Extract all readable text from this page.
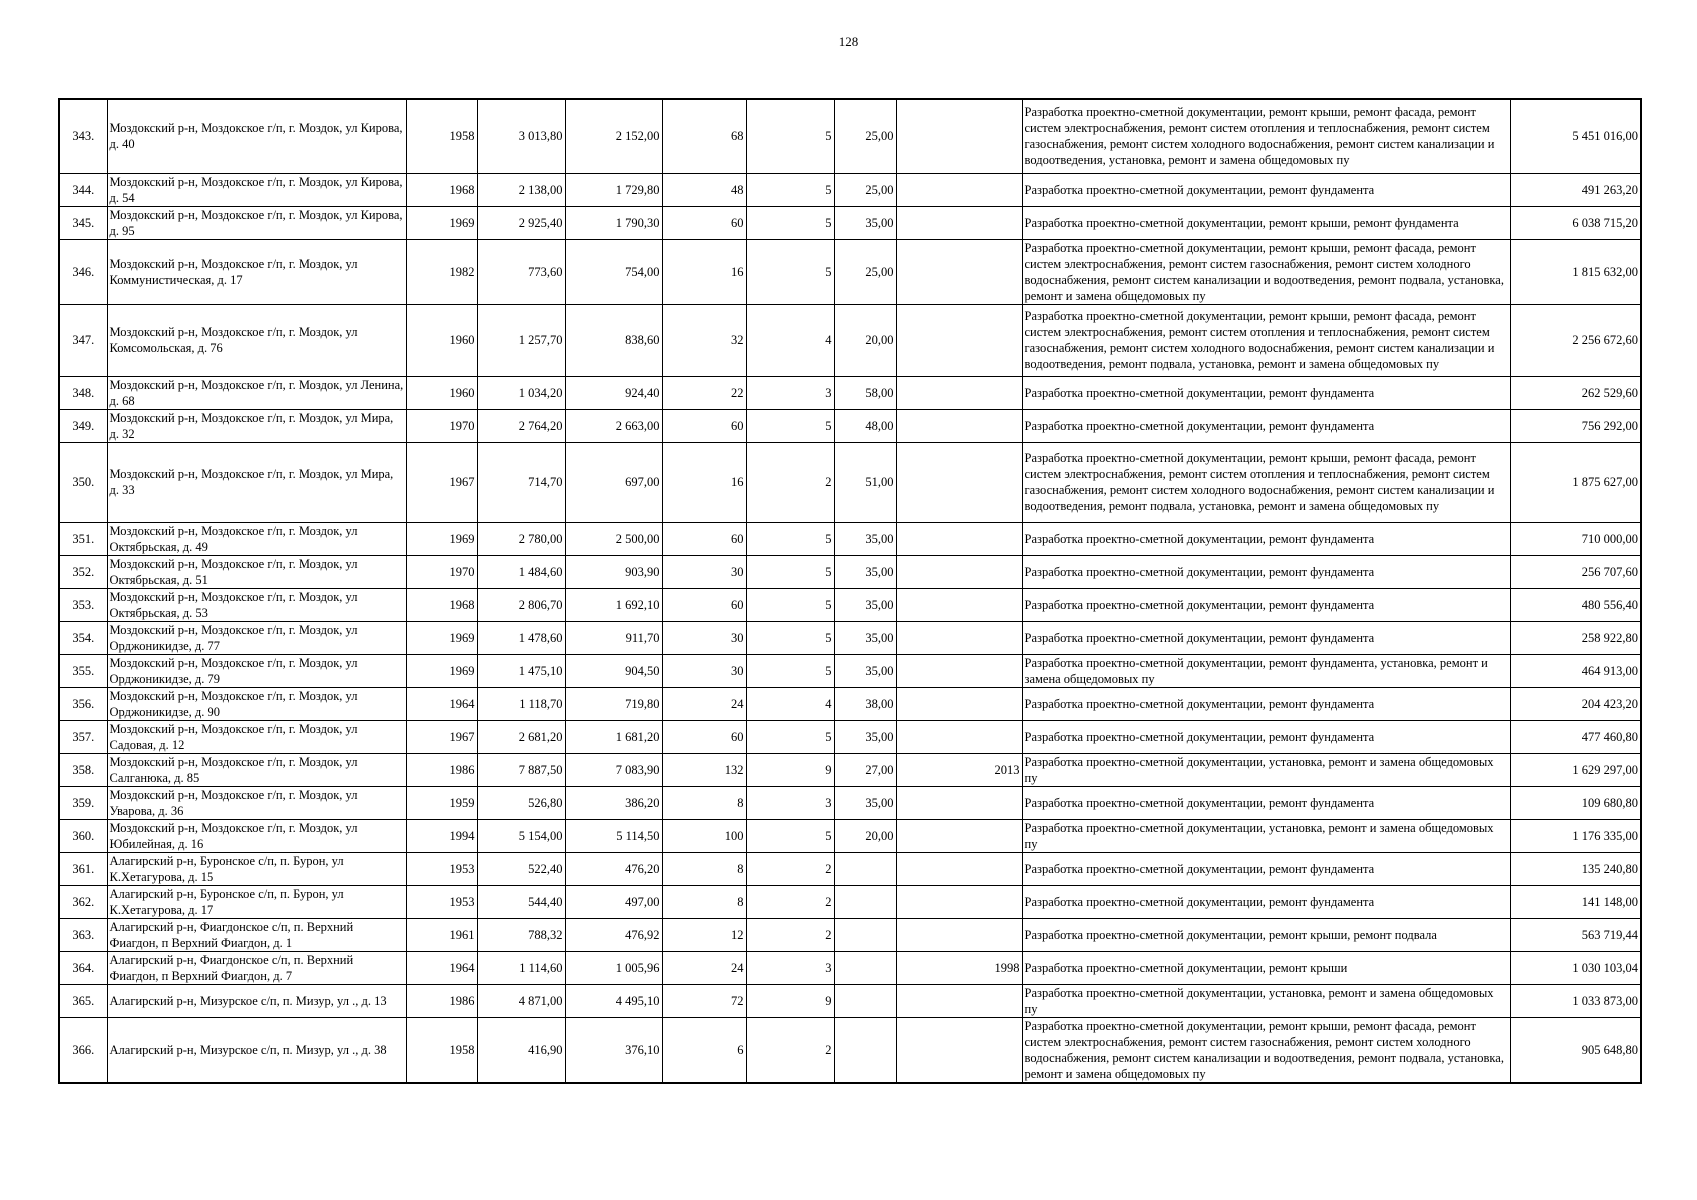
128
343.	Моздокский р-н, Моздокское г/п, г. Моздок, ул Кирова, д. 40	1958	3 013,80	2 152,00	68	5	25,00		Разработка проектно-сметной документации, ремонт крыши, ремонт фасада, ремонт систем электроснабжения, ремонт систем отопления и теплоснабжения, ремонт систем газоснабжения, ремонт систем холодного водоснабжения, ремонт систем канализации и водоотведения, установка, ремонт и замена общедомовых пу	5 451 016,00
344.	Моздокский р-н, Моздокское г/п, г. Моздок, ул Кирова, д. 54	1968	2 138,00	1 729,80	48	5	25,00		Разработка проектно-сметной документации, ремонт фундамента	491 263,20
345.	Моздокский р-н, Моздокское г/п, г. Моздок, ул Кирова, д. 95	1969	2 925,40	1 790,30	60	5	35,00		Разработка проектно-сметной документации, ремонт крыши, ремонт фундамента	6 038 715,20
346.	Моздокский р-н, Моздокское г/п, г. Моздок, ул Коммунистическая, д. 17	1982	773,60	754,00	16	5	25,00		Разработка проектно-сметной документации, ремонт крыши, ремонт фасада, ремонт систем электроснабжения, ремонт систем газоснабжения, ремонт систем холодного водоснабжения, ремонт систем канализации и водоотведения, ремонт подвала, установка, ремонт и замена общедомовых пу	1 815 632,00
347.	Моздокский р-н, Моздокское г/п, г. Моздок, ул Комсомольская, д. 76	1960	1 257,70	838,60	32	4	20,00		Разработка проектно-сметной документации, ремонт крыши, ремонт фасада, ремонт систем электроснабжения, ремонт систем отопления и теплоснабжения, ремонт систем газоснабжения, ремонт систем холодного водоснабжения, ремонт систем канализации и водоотведения, ремонт подвала, установка, ремонт и замена общедомовых пу	2 256 672,60
348.	Моздокский р-н, Моздокское г/п, г. Моздок, ул Ленина, д. 68	1960	1 034,20	924,40	22	3	58,00		Разработка проектно-сметной документации, ремонт фундамента	262 529,60
349.	Моздокский р-н, Моздокское г/п, г. Моздок, ул Мира, д. 32	1970	2 764,20	2 663,00	60	5	48,00		Разработка проектно-сметной документации, ремонт фундамента	756 292,00
350.	Моздокский р-н, Моздокское г/п, г. Моздок, ул Мира, д. 33	1967	714,70	697,00	16	2	51,00		Разработка проектно-сметной документации, ремонт крыши, ремонт фасада, ремонт систем электроснабжения, ремонт систем отопления и теплоснабжения, ремонт систем газоснабжения, ремонт систем холодного водоснабжения, ремонт систем канализации и водоотведения, ремонт подвала, установка, ремонт и замена общедомовых пу	1 875 627,00
351.	Моздокский р-н, Моздокское г/п, г. Моздок, ул Октябрьская, д. 49	1969	2 780,00	2 500,00	60	5	35,00		Разработка проектно-сметной документации, ремонт фундамента	710 000,00
352.	Моздокский р-н, Моздокское г/п, г. Моздок, ул Октябрьская, д. 51	1970	1 484,60	903,90	30	5	35,00		Разработка проектно-сметной документации, ремонт фундамента	256 707,60
353.	Моздокский р-н, Моздокское г/п, г. Моздок, ул Октябрьская, д. 53	1968	2 806,70	1 692,10	60	5	35,00		Разработка проектно-сметной документации, ремонт фундамента	480 556,40
354.	Моздокский р-н, Моздокское г/п, г. Моздок, ул Орджоникидзе, д. 77	1969	1 478,60	911,70	30	5	35,00		Разработка проектно-сметной документации, ремонт фундамента	258 922,80
355.	Моздокский р-н, Моздокское г/п, г. Моздок, ул Орджоникидзе, д. 79	1969	1 475,10	904,50	30	5	35,00		Разработка проектно-сметной документации, ремонт фундамента, установка, ремонт и замена общедомовых пу	464 913,00
356.	Моздокский р-н, Моздокское г/п, г. Моздок, ул Орджоникидзе, д. 90	1964	1 118,70	719,80	24	4	38,00		Разработка проектно-сметной документации, ремонт фундамента	204 423,20
357.	Моздокский р-н, Моздокское г/п, г. Моздок, ул Садовая, д. 12	1967	2 681,20	1 681,20	60	5	35,00		Разработка проектно-сметной документации, ремонт фундамента	477 460,80
358.	Моздокский р-н, Моздокское г/п, г. Моздок, ул Салганюка, д. 85	1986	7 887,50	7 083,90	132	9	27,00	2013	Разработка проектно-сметной документации, установка, ремонт и замена общедомовых пу	1 629 297,00
359.	Моздокский р-н, Моздокское г/п, г. Моздок, ул Уварова, д. 36	1959	526,80	386,20	8	3	35,00		Разработка проектно-сметной документации, ремонт фундамента	109 680,80
360.	Моздокский р-н, Моздокское г/п, г. Моздок, ул Юбилейная, д. 16	1994	5 154,00	5 114,50	100	5	20,00		Разработка проектно-сметной документации, установка, ремонт и замена общедомовых пу	1 176 335,00
361.	Алагирский р-н, Буронское с/п, п. Бурон, ул К.Хетагурова, д. 15	1953	522,40	476,20	8	2			Разработка проектно-сметной документации, ремонт фундамента	135 240,80
362.	Алагирский р-н, Буронское с/п, п. Бурон, ул К.Хетагурова, д. 17	1953	544,40	497,00	8	2			Разработка проектно-сметной документации, ремонт фундамента	141 148,00
363.	Алагирский р-н, Фиагдонское с/п, п. Верхний Фиагдон, п Верхний Фиагдон, д. 1	1961	788,32	476,92	12	2			Разработка проектно-сметной документации, ремонт крыши, ремонт подвала	563 719,44
364.	Алагирский р-н, Фиагдонское с/п, п. Верхний Фиагдон, п Верхний Фиагдон, д. 7	1964	1 114,60	1 005,96	24	3		1998	Разработка проектно-сметной документации, ремонт крыши	1 030 103,04
365.	Алагирский р-н, Мизурское с/п, п. Мизур, ул ., д. 13	1986	4 871,00	4 495,10	72	9			Разработка проектно-сметной документации, установка, ремонт и замена общедомовых пу	1 033 873,00
366.	Алагирский р-н, Мизурское с/п, п. Мизур, ул ., д. 38	1958	416,90	376,10	6	2			Разработка проектно-сметной документации, ремонт крыши, ремонт фасада, ремонт систем электроснабжения, ремонт систем газоснабжения, ремонт систем холодного водоснабжения, ремонт систем канализации и водоотведения, ремонт подвала, установка, ремонт и замена общедомовых пу	905 648,80
